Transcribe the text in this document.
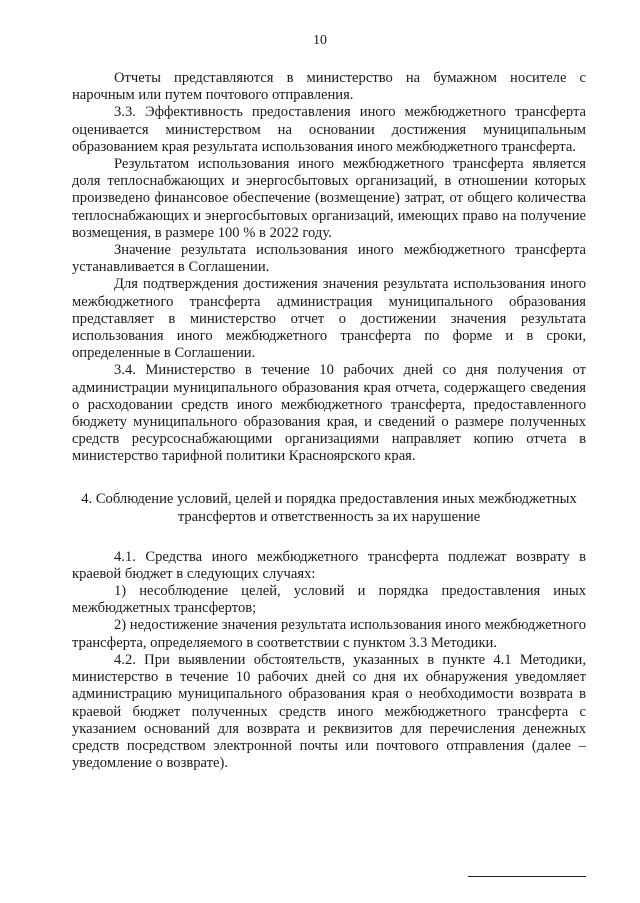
10

Отчеты представляются в министерство на бумажном носителе с нарочным или путем почтового отправления.

3.3. Эффективность предоставления иного межбюджетного трансферта оценивается министерством на основании достижения муниципальным образованием края результата использования иного межбюджетного трансферта.

Результатом использования иного межбюджетного трансферта является доля теплоснабжающих и энергосбытовых организаций, в отношении которых произведено финансовое обеспечение (возмещение) затрат, от общего количества теплоснабжающих и энергосбытовых организаций, имеющих право на получение возмещения, в размере 100 % в 2022 году.

Значение результата использования иного межбюджетного трансферта устанавливается в Соглашении.

Для подтверждения достижения значения результата использования иного межбюджетного трансферта администрация муниципального образования представляет в министерство отчет о достижении значения результата использования иного межбюджетного трансферта по форме и в сроки, определенные в Соглашении.

3.4. Министерство в течение 10 рабочих дней со дня получения от администрации муниципального образования края отчета, содержащего сведения о расходовании средств иного межбюджетного трансферта, предоставленного бюджету муниципального образования края, и сведений о размере полученных средств ресурсоснабжающими организациями направляет копию отчета в министерство тарифной политики Красноярского края.

4. Соблюдение условий, целей и порядка предоставления иных межбюджетных
трансфертов и ответственность за их нарушение

4.1. Средства иного межбюджетного трансферта подлежат возврату в краевой бюджет в следующих случаях:

1) несоблюдение целей, условий и порядка предоставления иных межбюджетных трансфертов;

2) недостижение значения результата использования иного межбюджетного трансферта, определяемого в соответствии с пунктом 3.3 Методики.

4.2. При выявлении обстоятельств, указанных в пункте 4.1 Методики, министерство в течение 10 рабочих дней со дня их обнаружения уведомляет администрацию муниципального образования края о необходимости возврата в краевой бюджет полученных средств иного межбюджетного трансферта с указанием оснований для возврата и реквизитов для перечисления денежных средств посредством электронной почты или почтового отправления (далее – уведомление о возврате).
